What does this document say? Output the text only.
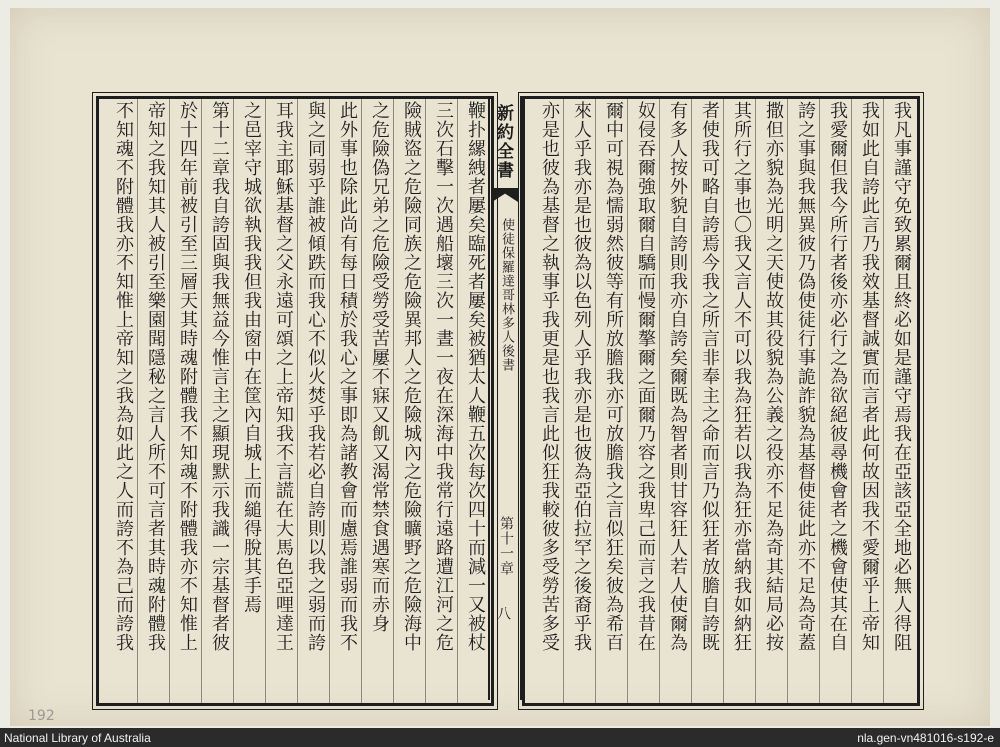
鞭扑縲絏者屢矣臨死者屢矣被猶太人鞭五次每次四十而減一又被杖
三次石擊一次遇船壞三次一晝一夜在深海中我常行遠路遭江河之危
險賊盜之危險同族之危險異邦人之危險城內之危險曠野之危險海中
之危險偽兄弟之危險受勞受苦屢不寐又飢又渴常禁食遇寒而赤身
此外事也除此尚有每日積於我心之事即為諸教會而慮焉誰弱而我不
與之同弱乎誰被傾跌而我心不似火焚乎我若必自誇則以我之弱而誇
耳我主耶穌基督之父永遠可頌之上帝知我不言謊在大馬色亞哩達王
之邑宰守城欲執我我但我由窗中在筐內自城上而縋得脫其手焉
第十二章我自誇固與我無益今惟言主之顯現默示我識一宗基督者彼
於十四年前被引至三層天其時魂附體我不知魂不附體我亦不知惟上
帝知之我知其人被引至樂園聞隱秘之言人所不可言者其時魂附體我
不知魂不附體我亦不知惟上帝知之我為如此之人而誇不為己而誇我	新約全書
使徒保羅達哥林多人後書
第十一章
八	我凡事謹守免致累爾且終必如是謹守焉我在亞該亞全地必無人得阻
我如此自誇此言乃我效基督誠實而言者此何故因我不愛爾乎上帝知
我愛爾但我今所行者後亦必行之為欲絕彼尋機會者之機會使其在自
誇之事與我無異彼乃偽使徒行事詭詐貌為基督使徒此亦不足為奇蓋
撒但亦貌為光明之天使故其役貌為公義之役亦不足為奇其結局必按
其所行之事也〇我又言人不可以我為狂若以我為狂亦當納我如納狂
者使我可略自誇焉今我之所言非奉主之命而言乃似狂者放膽自誇既
有多人按外貌自誇則我亦自誇矣爾既為智者則甘容狂人若人使爾為
奴侵吞爾強取爾自驕而慢爾摮爾之面爾乃容之我卑己而言之我昔在
爾中可視為懦弱然彼等有所放膽我亦可放膽我之言似狂矣彼為希百
來人乎我亦是也彼為以色列人乎我亦是也彼為亞伯拉罕之後裔乎我
亦是也彼為基督之執事乎我更是也我言此似狂我較彼多受勞苦多受
192
National Library of Australia	nla.gen-vn481016-s192-e
